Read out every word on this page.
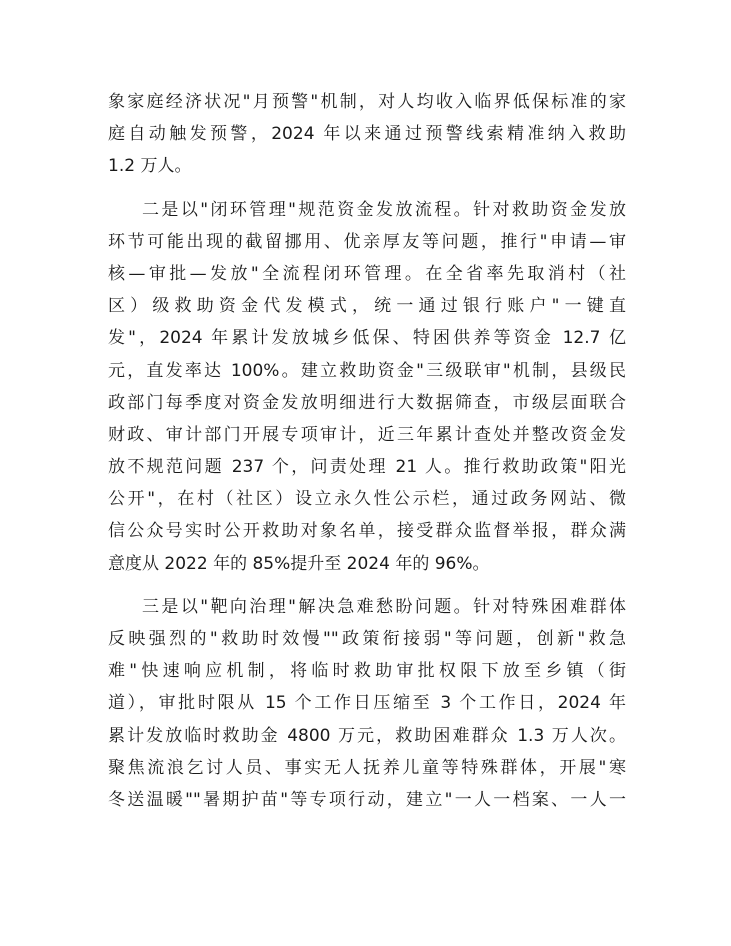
象家庭经济状况"月预警"机制，对人均收入临界低保标准的家
庭自动触发预警，2024 年以来通过预警线索精准纳入救助
1.2 万人。
二是以"闭环管理"规范资金发放流程。针对救助资金发放
环节可能出现的截留挪用、优亲厚友等问题，推行"申请—审
核—审批—发放"全流程闭环管理。在全省率先取消村（社
区）级救助资金代发模式，统一通过银行账户"一键直
发"，2024 年累计发放城乡低保、特困供养等资金 12.7 亿
元，直发率达 100%。建立救助资金"三级联审"机制，县级民
政部门每季度对资金发放明细进行大数据筛查，市级层面联合
财政、审计部门开展专项审计，近三年累计查处并整改资金发
放不规范问题 237 个，问责处理 21 人。推行救助政策"阳光
公开"，在村（社区）设立永久性公示栏，通过政务网站、微
信公众号实时公开救助对象名单，接受群众监督举报，群众满
意度从 2022 年的 85%提升至 2024 年的 96%。
三是以"靶向治理"解决急难愁盼问题。针对特殊困难群体
反映强烈的"救助时效慢""政策衔接弱"等问题，创新"救急
难"快速响应机制，将临时救助审批权限下放至乡镇（街
道），审批时限从 15 个工作日压缩至 3 个工作日，2024 年
累计发放临时救助金 4800 万元，救助困难群众 1.3 万人次。
聚焦流浪乞讨人员、事实无人抚养儿童等特殊群体，开展"寒
冬送温暖""暑期护苗"等专项行动，建立"一人一档案、一人一
